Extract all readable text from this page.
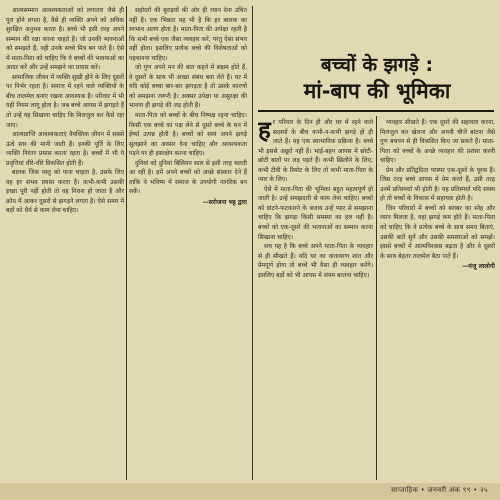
आत्मसम्मान आवश्यकताओं को लगातार जैसे ही पूरा होने लगता है, वैसे ही व्यक्ति अपने को अधिक सुरक्षित अनुभव करता है। बच्चे भी इसी तरह अपने सम्मान की रक्षा करना चाहते हैं। जो उनकी भावनाओं को समझते हैं, वही उनके सच्चे मित्र बन पाते हैं। ऐसे में माता-पिता को चाहिए कि वे बच्चों की भावनाओं का आदर करें और उन्हें समझने का प्रयास करें।

सामाजिक जीवन में व्यक्ति सुखी होने के लिए दूसरों पर निर्भर रहता है। समाज में रहने वाले व्यक्तियों के बीच तालमेल बनाए रखना आवश्यक है। परिवार में भी यही नियम लागू होता है। जब बच्चे आपस में झगड़ते हैं तो उन्हें यह सिखाना चाहिए कि मिलजुल कर कैसे रहा जाए।

आत्मप्राप्ति आवश्यकताएं वैयक्तिक जीवन में सबसे ऊंचे स्तर की मानी जाती हैं। इनकी पूर्ति के लिए व्यक्ति निरंतर प्रयास करता रहता है। बच्चों में भी ये प्रवृत्तियां धीरे-धीरे विकसित होती हैं।

बालक जिस वस्तु को पाना चाहता है, उसके लिए वह हर संभव प्रयास करता है। कभी-कभी उसकी इच्छा पूरी नहीं होती तो वह निराश हो जाता है और क्रोध में आकर दूसरों से झगड़ने लगता है। ऐसे समय में बड़ों को धैर्य से काम लेना चाहिए।

सहोदरों की बुराइयों की ओर ही ध्यान देना उचित नहीं है। एक भिन्नता यह भी है कि हर बालक का स्वभाव अलग होता है। माता-पिता की अपेक्षा रहती है कि सभी बच्चे एक जैसा व्यवहार करें, परंतु ऐसा संभव नहीं होता। इसलिए प्रत्येक बच्चे की विशेषताओं को पहचानना चाहिए।

जो गुण अपने मन की बात कहने में सक्षम होते हैं, वे दूसरों के साथ भी अच्छा संबंध बना लेते हैं। घर में यदि कोई बच्चा बार-बार झगड़ता है तो उसके कारणों को समझना जरूरी है। अक्सर उपेक्षा या असुरक्षा की भावना ही झगड़े की जड़ होती है।

माता-पिता को बच्चों के बीच निष्पक्ष रहना चाहिए। किसी एक बच्चे का पक्ष लेने से दूसरे बच्चे के मन में ईर्ष्या उत्पन्न होती है। बच्चों को स्वयं अपने झगड़े सुलझाने का अवसर देना चाहिए और आवश्यकता पड़ने पर ही हस्तक्षेप करना चाहिए।

दुनियां को दुनियां बिलियन साल से इसी तरह चलती आ रही है। हमें अपने बच्चों को अच्छे संस्कार देने हैं ताकि वे भविष्य में समाज के उपयोगी नागरिक बन सकें।

—सरोजना भट्ट द्वारा
बच्चों के झगड़े :
मां-बाप की भूमिका

हर परिवार के दिन ही और घर में रहने वाले सदस्यों के बीच कभी-न-कभी झगड़े हो ही जाते हैं। यह एक स्वाभाविक प्रक्रिया है। बच्चे भी इससे अछूते नहीं हैं। भाई-बहन आपस में छोटी-छोटी बातों पर लड़ पड़ते हैं। कभी खिलौने के लिए, कभी टीवी के रिमोट के लिए तो कभी माता-पिता के प्यार के लिए।

ऐसे में माता-पिता की भूमिका बहुत महत्वपूर्ण हो जाती है। उन्हें समझदारी से काम लेना चाहिए। बच्चों को डांटने-फटकारने के बजाय उन्हें प्यार से समझाना चाहिए कि झगड़ा किसी समस्या का हल नहीं है। बच्चों को एक-दूसरे की भावनाओं का सम्मान करना सिखाना चाहिए।

सच यह है कि बच्चे अपने माता-पिता के व्यवहार से ही सीखते हैं। यदि घर का वातावरण शांत और प्रेमपूर्ण होगा तो बच्चे भी वैसा ही व्यवहार करेंगे। इसलिए बड़ों को भी आपस में संयम बरतना चाहिए।

व्यवहार सीखते हैं। एक दूसरे की सहायता करना, मिलजुल कर खेलना और अपनी चीजें बांटना जैसे गुण बचपन से ही विकसित किए जा सकते हैं। माता-पिता को बच्चों के अच्छे व्यवहार की प्रशंसा करनी चाहिए।

प्रेम और प्रतिद्वंदिता परस्पर एक-दूसरे के पूरक हैं। जिस तरह बच्चे आपस में प्रेम करते हैं, उसी तरह उनमें प्रतिस्पर्धा भी होती है। यह प्रतिस्पर्धा यदि स्वस्थ हो तो बच्चों के विकास में सहायक होती है।

जिन परिवारों में बच्चों को बराबर का स्नेह और ध्यान मिलता है, वहां झगड़े कम होते हैं। माता-पिता को चाहिए कि वे प्रत्येक बच्चे के साथ समय बिताएं, उसकी बातें सुनें और उसकी समस्याओं को समझें। इससे बच्चों में आत्मविश्वास बढ़ता है और वे दूसरों के साथ बेहतर तालमेल बैठा पाते हैं।

—मंजु लालोगी
साप्ताहिक • जनवरी अंक ९९ • २५
